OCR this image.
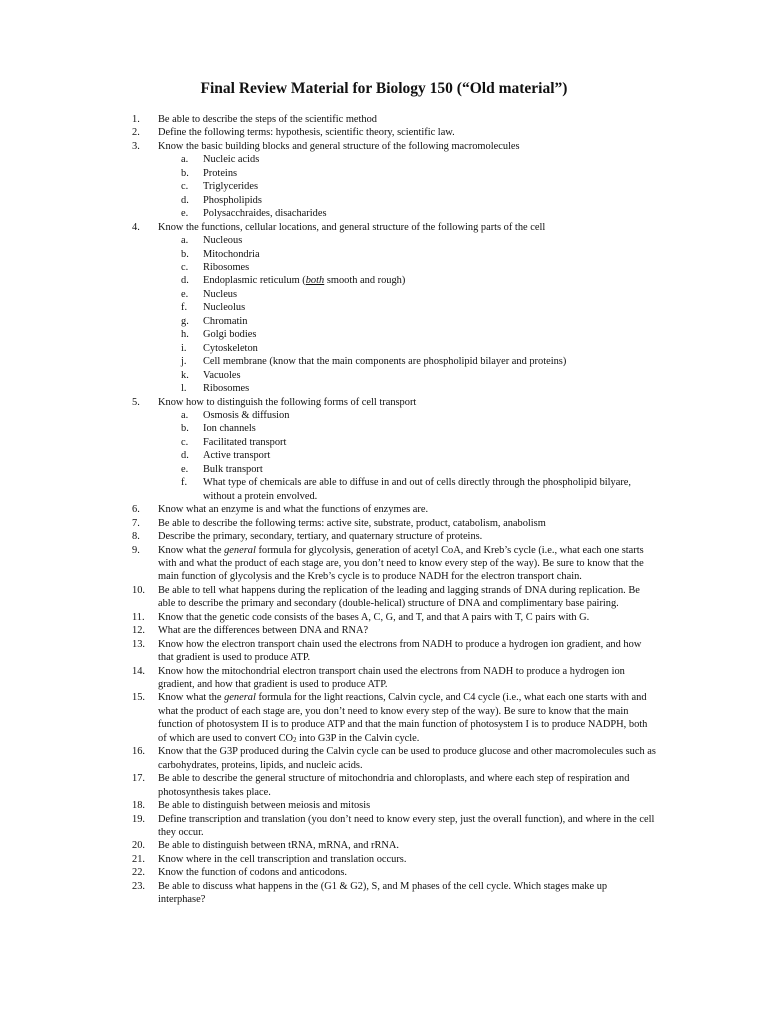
Final Review Material for Biology 150 (“Old material”)
1.	Be able to describe the steps of the scientific method
2.	Define the following terms: hypothesis, scientific theory, scientific law.
3.	Know the basic building blocks and general structure of the following macromolecules
a.	Nucleic acids
b.	Proteins
c.	Triglycerides
d.	Phospholipids
e.	Polysacchraides, disacharides
4.	Know the functions, cellular locations, and general structure of the following parts of the cell
a.	Nucleous
b.	Mitochondria
c.	Ribosomes
d.	Endoplasmic reticulum (both smooth and rough)
e.	Nucleus
f.	Nucleolus
g.	Chromatin
h.	Golgi bodies
i.	Cytoskeleton
j.	Cell membrane (know that the main components are phospholipid bilayer and proteins)
k.	Vacuoles
l.	Ribosomes
5.	Know how to distinguish the following forms of cell transport
a.	Osmosis & diffusion
b.	Ion channels
c.	Facilitated transport
d.	Active transport
e.	Bulk transport
f.	What type of chemicals are able to diffuse in and out of cells directly through the phospholipid bilyare, without a protein envolved.
6.	Know what an enzyme is and what the functions of enzymes are.
7.	Be able to describe the following terms: active site, substrate, product, catabolism, anabolism
8.	Describe the primary, secondary, tertiary, and quaternary structure of proteins.
9.	Know what the general formula for glycolysis, generation of acetyl CoA, and Kreb’s cycle (i.e., what each one starts with and what the product of each stage are, you don’t need to know every step of the way). Be sure to know that the main function of glycolysis and the Kreb’s cycle is to produce NADH for the electron transport chain.
10.	Be able to tell what happens during the replication of the leading and lagging strands of DNA during replication. Be able to describe the primary and secondary (double-helical) structure of DNA and complimentary base pairing.
11.	Know that the genetic code consists of the bases A, C, G, and T, and that A pairs with T, C pairs with G.
12.	What are the differences between DNA and RNA?
13.	Know how the electron transport chain used the electrons from NADH to produce a hydrogen ion gradient, and how that gradient is used to produce ATP.
14.	Know how the mitochondrial electron transport chain used the electrons from NADH to produce a hydrogen ion gradient, and how that gradient is used to produce ATP.
15.	Know what the general formula for the light reactions, Calvin cycle, and C4 cycle (i.e., what each one starts with and what the product of each stage are, you don’t need to know every step of the way). Be sure to know that the main function of photosystem II is to produce ATP and that the main function of photosystem I is to produce NADPH, both of which are used to convert $CO_2$ into G3P in the Calvin cycle.
16.	Know that the G3P produced during the Calvin cycle can be used to produce glucose and other macromolecules such as carbohydrates, proteins, lipids, and nucleic acids.
17.	Be able to describe the general structure of mitochondria and chloroplasts, and where each step of respiration and photosynthesis takes place.
18.	Be able to distinguish between meiosis and mitosis
19.	Define transcription and translation (you don’t need to know every step, just the overall function), and where in the cell they occur.
20.	Be able to distinguish between tRNA, mRNA, and rRNA.
21.	Know where in the cell transcription and translation occurs.
22.	Know the function of codons and anticodons.
23.	Be able to discuss what happens in the (G1 & G2), S, and M phases of the cell cycle. Which stages make up interphase?
